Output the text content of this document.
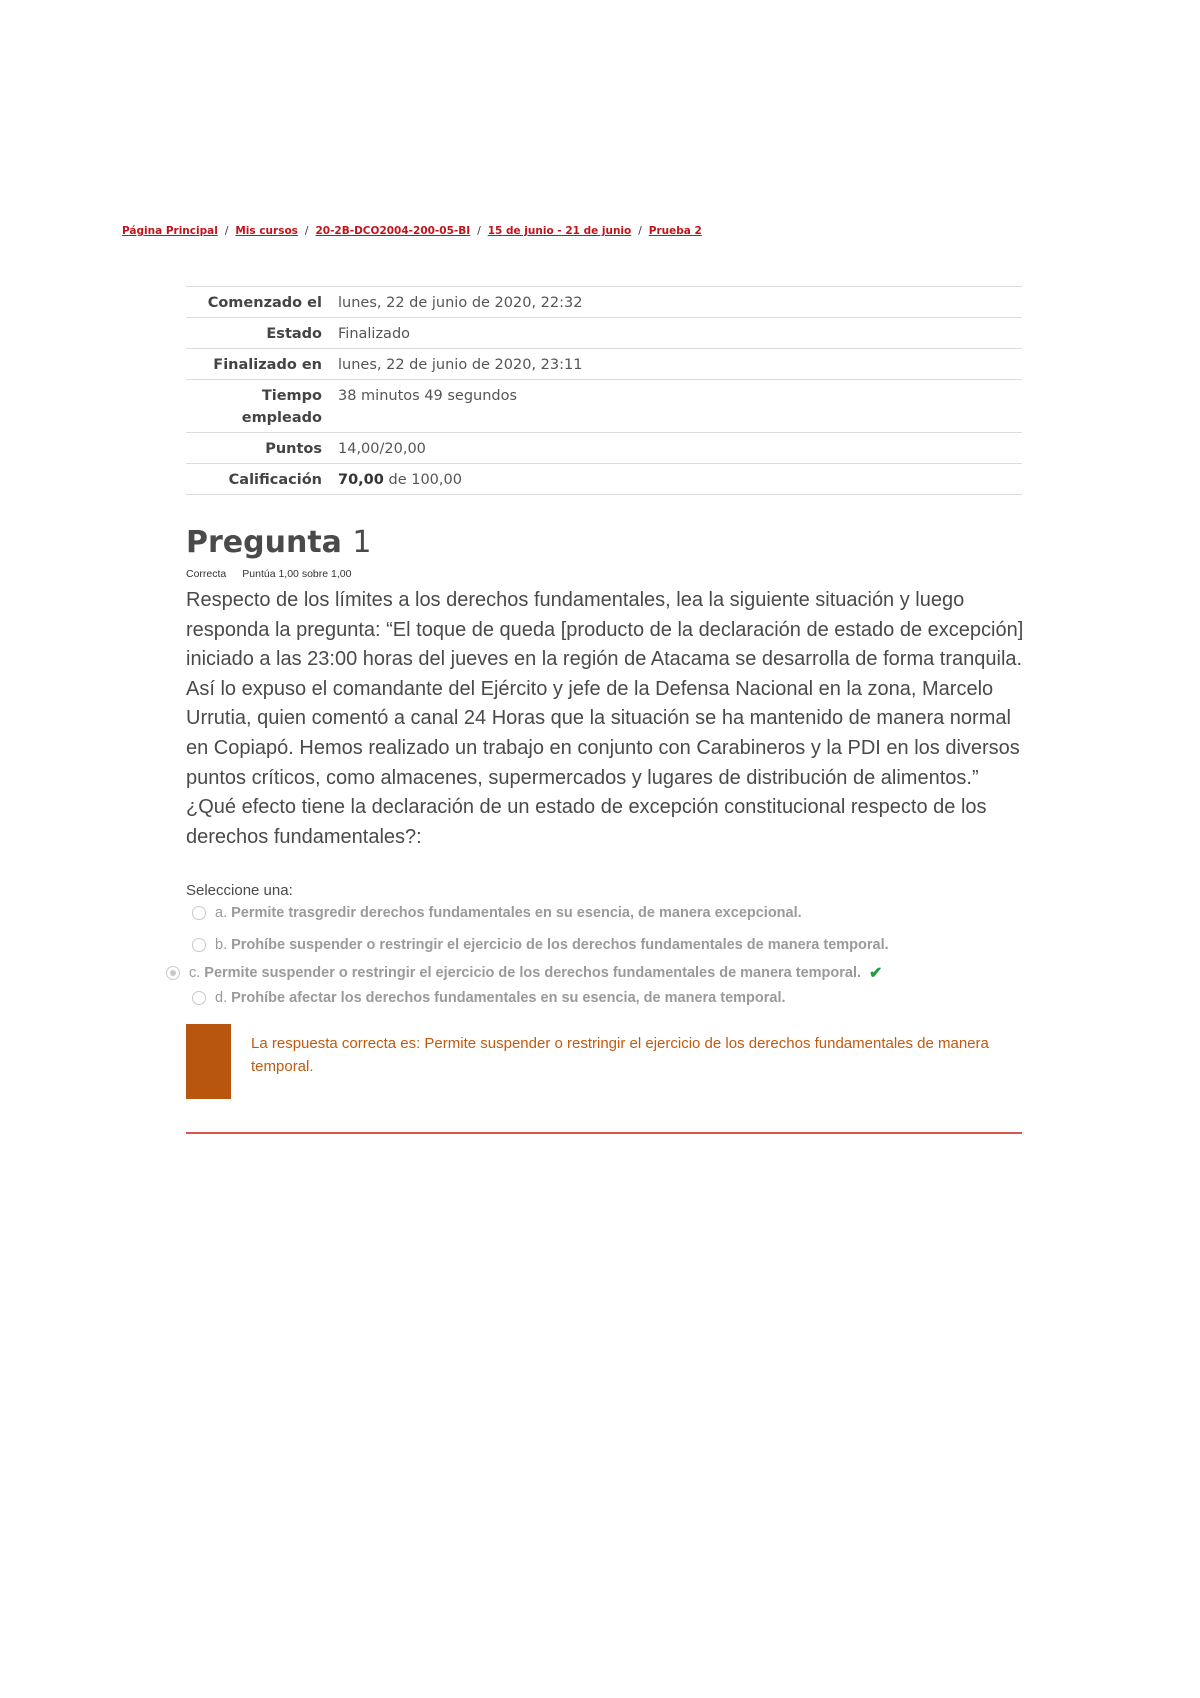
Página Principal / Mis cursos / 20-2B-DCO2004-200-05-BI / 15 de junio - 21 de junio / Prueba 2
Comenzado el	lunes, 22 de junio de 2020, 22:32
Estado	Finalizado
Finalizado en	lunes, 22 de junio de 2020, 23:11
Tiempo empleado	38 minutos 49 segundos
Puntos	14,00/20,00
Calificación	70,00 de 100,00
Pregunta 1
Correcta Puntúa 1,00 sobre 1,00
Respecto de los límites a los derechos fundamentales, lea la siguiente situación y luego responda la pregunta: “El toque de queda [producto de la declaración de estado de excepción] iniciado a las 23:00 horas del jueves en la región de Atacama se desarrolla de forma tranquila. Así lo expuso el comandante del Ejército y jefe de la Defensa Nacional en la zona, Marcelo Urrutia, quien comentó a canal 24 Horas que la situación se ha mantenido de manera normal en Copiapó. Hemos realizado un trabajo en conjunto con Carabineros y la PDI en los diversos puntos críticos, como almacenes, supermercados y lugares de distribución de alimentos.” ¿Qué efecto tiene la declaración de un estado de excepción constitucional respecto de los derechos fundamentales?:
Seleccione una:
a. Permite trasgredir derechos fundamentales en su esencia, de manera excepcional.
b. Prohíbe suspender o restringir el ejercicio de los derechos fundamentales de manera temporal.
c. Permite suspender o restringir el ejercicio de los derechos fundamentales de manera temporal. ✔
d. Prohíbe afectar los derechos fundamentales en su esencia, de manera temporal.
La respuesta correcta es: Permite suspender o restringir el ejercicio de los derechos fundamentales de manera temporal.
